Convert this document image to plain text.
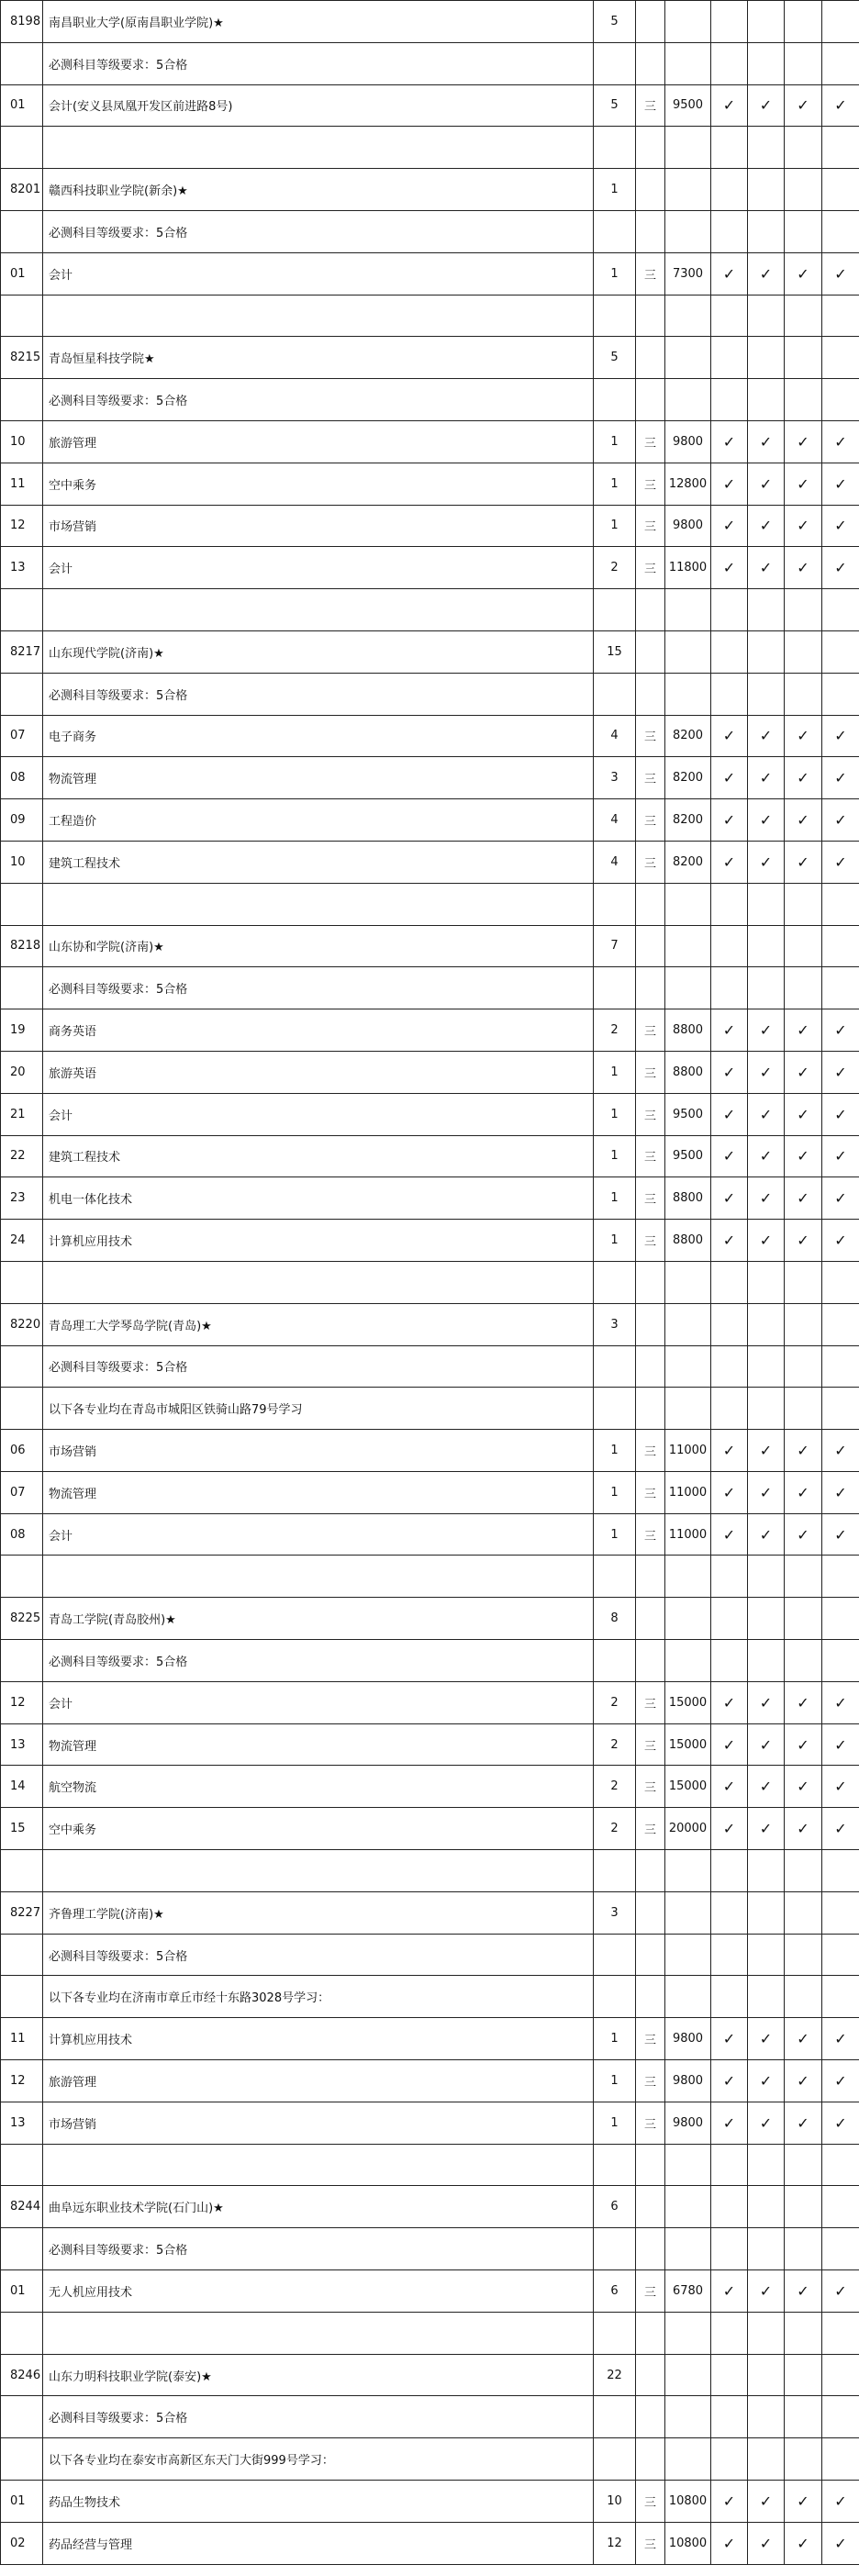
8198	南昌职业大学(原南昌职业学院)★	5						
	必测科目等级要求：5合格							
01	会计(安义县凤凰开发区前进路8号)	5	三	9500	✓	✓	✓	✓

8201	赣西科技职业学院(新余)★	1						
	必测科目等级要求：5合格							
01	会计	1	三	7300	✓	✓	✓	✓

8215	青岛恒星科技学院★	5						
	必测科目等级要求：5合格							
10	旅游管理	1	三	9800	✓	✓	✓	✓
11	空中乘务	1	三	12800	✓	✓	✓	✓
12	市场营销	1	三	9800	✓	✓	✓	✓
13	会计	2	三	11800	✓	✓	✓	✓

8217	山东现代学院(济南)★	15						
	必测科目等级要求：5合格							
07	电子商务	4	三	8200	✓	✓	✓	✓
08	物流管理	3	三	8200	✓	✓	✓	✓
09	工程造价	4	三	8200	✓	✓	✓	✓
10	建筑工程技术	4	三	8200	✓	✓	✓	✓

8218	山东协和学院(济南)★	7						
	必测科目等级要求：5合格							
19	商务英语	2	三	8800	✓	✓	✓	✓
20	旅游英语	1	三	8800	✓	✓	✓	✓
21	会计	1	三	9500	✓	✓	✓	✓
22	建筑工程技术	1	三	9500	✓	✓	✓	✓
23	机电一体化技术	1	三	8800	✓	✓	✓	✓
24	计算机应用技术	1	三	8800	✓	✓	✓	✓

8220	青岛理工大学琴岛学院(青岛)★	3						
	必测科目等级要求：5合格							
	以下各专业均在青岛市城阳区铁骑山路79号学习							
06	市场营销	1	三	11000	✓	✓	✓	✓
07	物流管理	1	三	11000	✓	✓	✓	✓
08	会计	1	三	11000	✓	✓	✓	✓

8225	青岛工学院(青岛胶州)★	8						
	必测科目等级要求：5合格							
12	会计	2	三	15000	✓	✓	✓	✓
13	物流管理	2	三	15000	✓	✓	✓	✓
14	航空物流	2	三	15000	✓	✓	✓	✓
15	空中乘务	2	三	20000	✓	✓	✓	✓

8227	齐鲁理工学院(济南)★	3						
	必测科目等级要求：5合格							
	以下各专业均在济南市章丘市经十东路3028号学习：							
11	计算机应用技术	1	三	9800	✓	✓	✓	✓
12	旅游管理	1	三	9800	✓	✓	✓	✓
13	市场营销	1	三	9800	✓	✓	✓	✓

8244	曲阜远东职业技术学院(石门山)★	6						
	必测科目等级要求：5合格							
01	无人机应用技术	6	三	6780	✓	✓	✓	✓

8246	山东力明科技职业学院(泰安)★	22						
	必测科目等级要求：5合格							
	以下各专业均在泰安市高新区东天门大街999号学习：							
01	药品生物技术	10	三	10800	✓	✓	✓	✓
02	药品经营与管理	12	三	10800	✓	✓	✓	✓
